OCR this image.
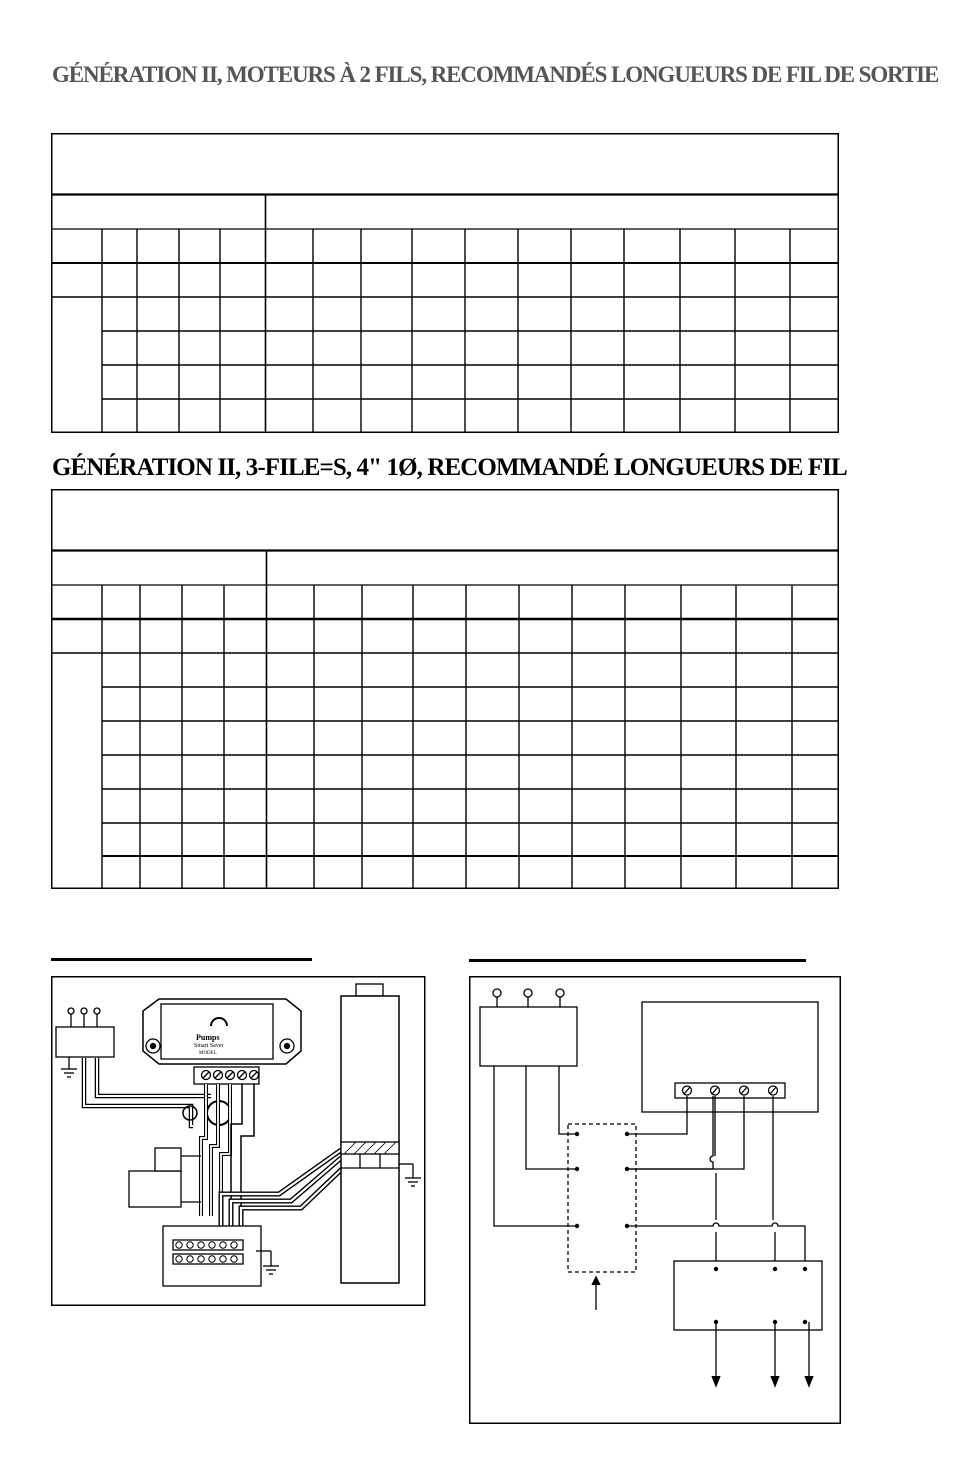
GÉNÉRATION II, MOTEURS À 2 FILS, RECOMMANDÉS LONGUEURS DE FIL DE SORTIE
GÉNÉRATION II, 3-FILE=S, 4" 1Ø, RECOMMANDÉ LONGUEURS DE FIL
Pumps
Smart Saver
MODEL
